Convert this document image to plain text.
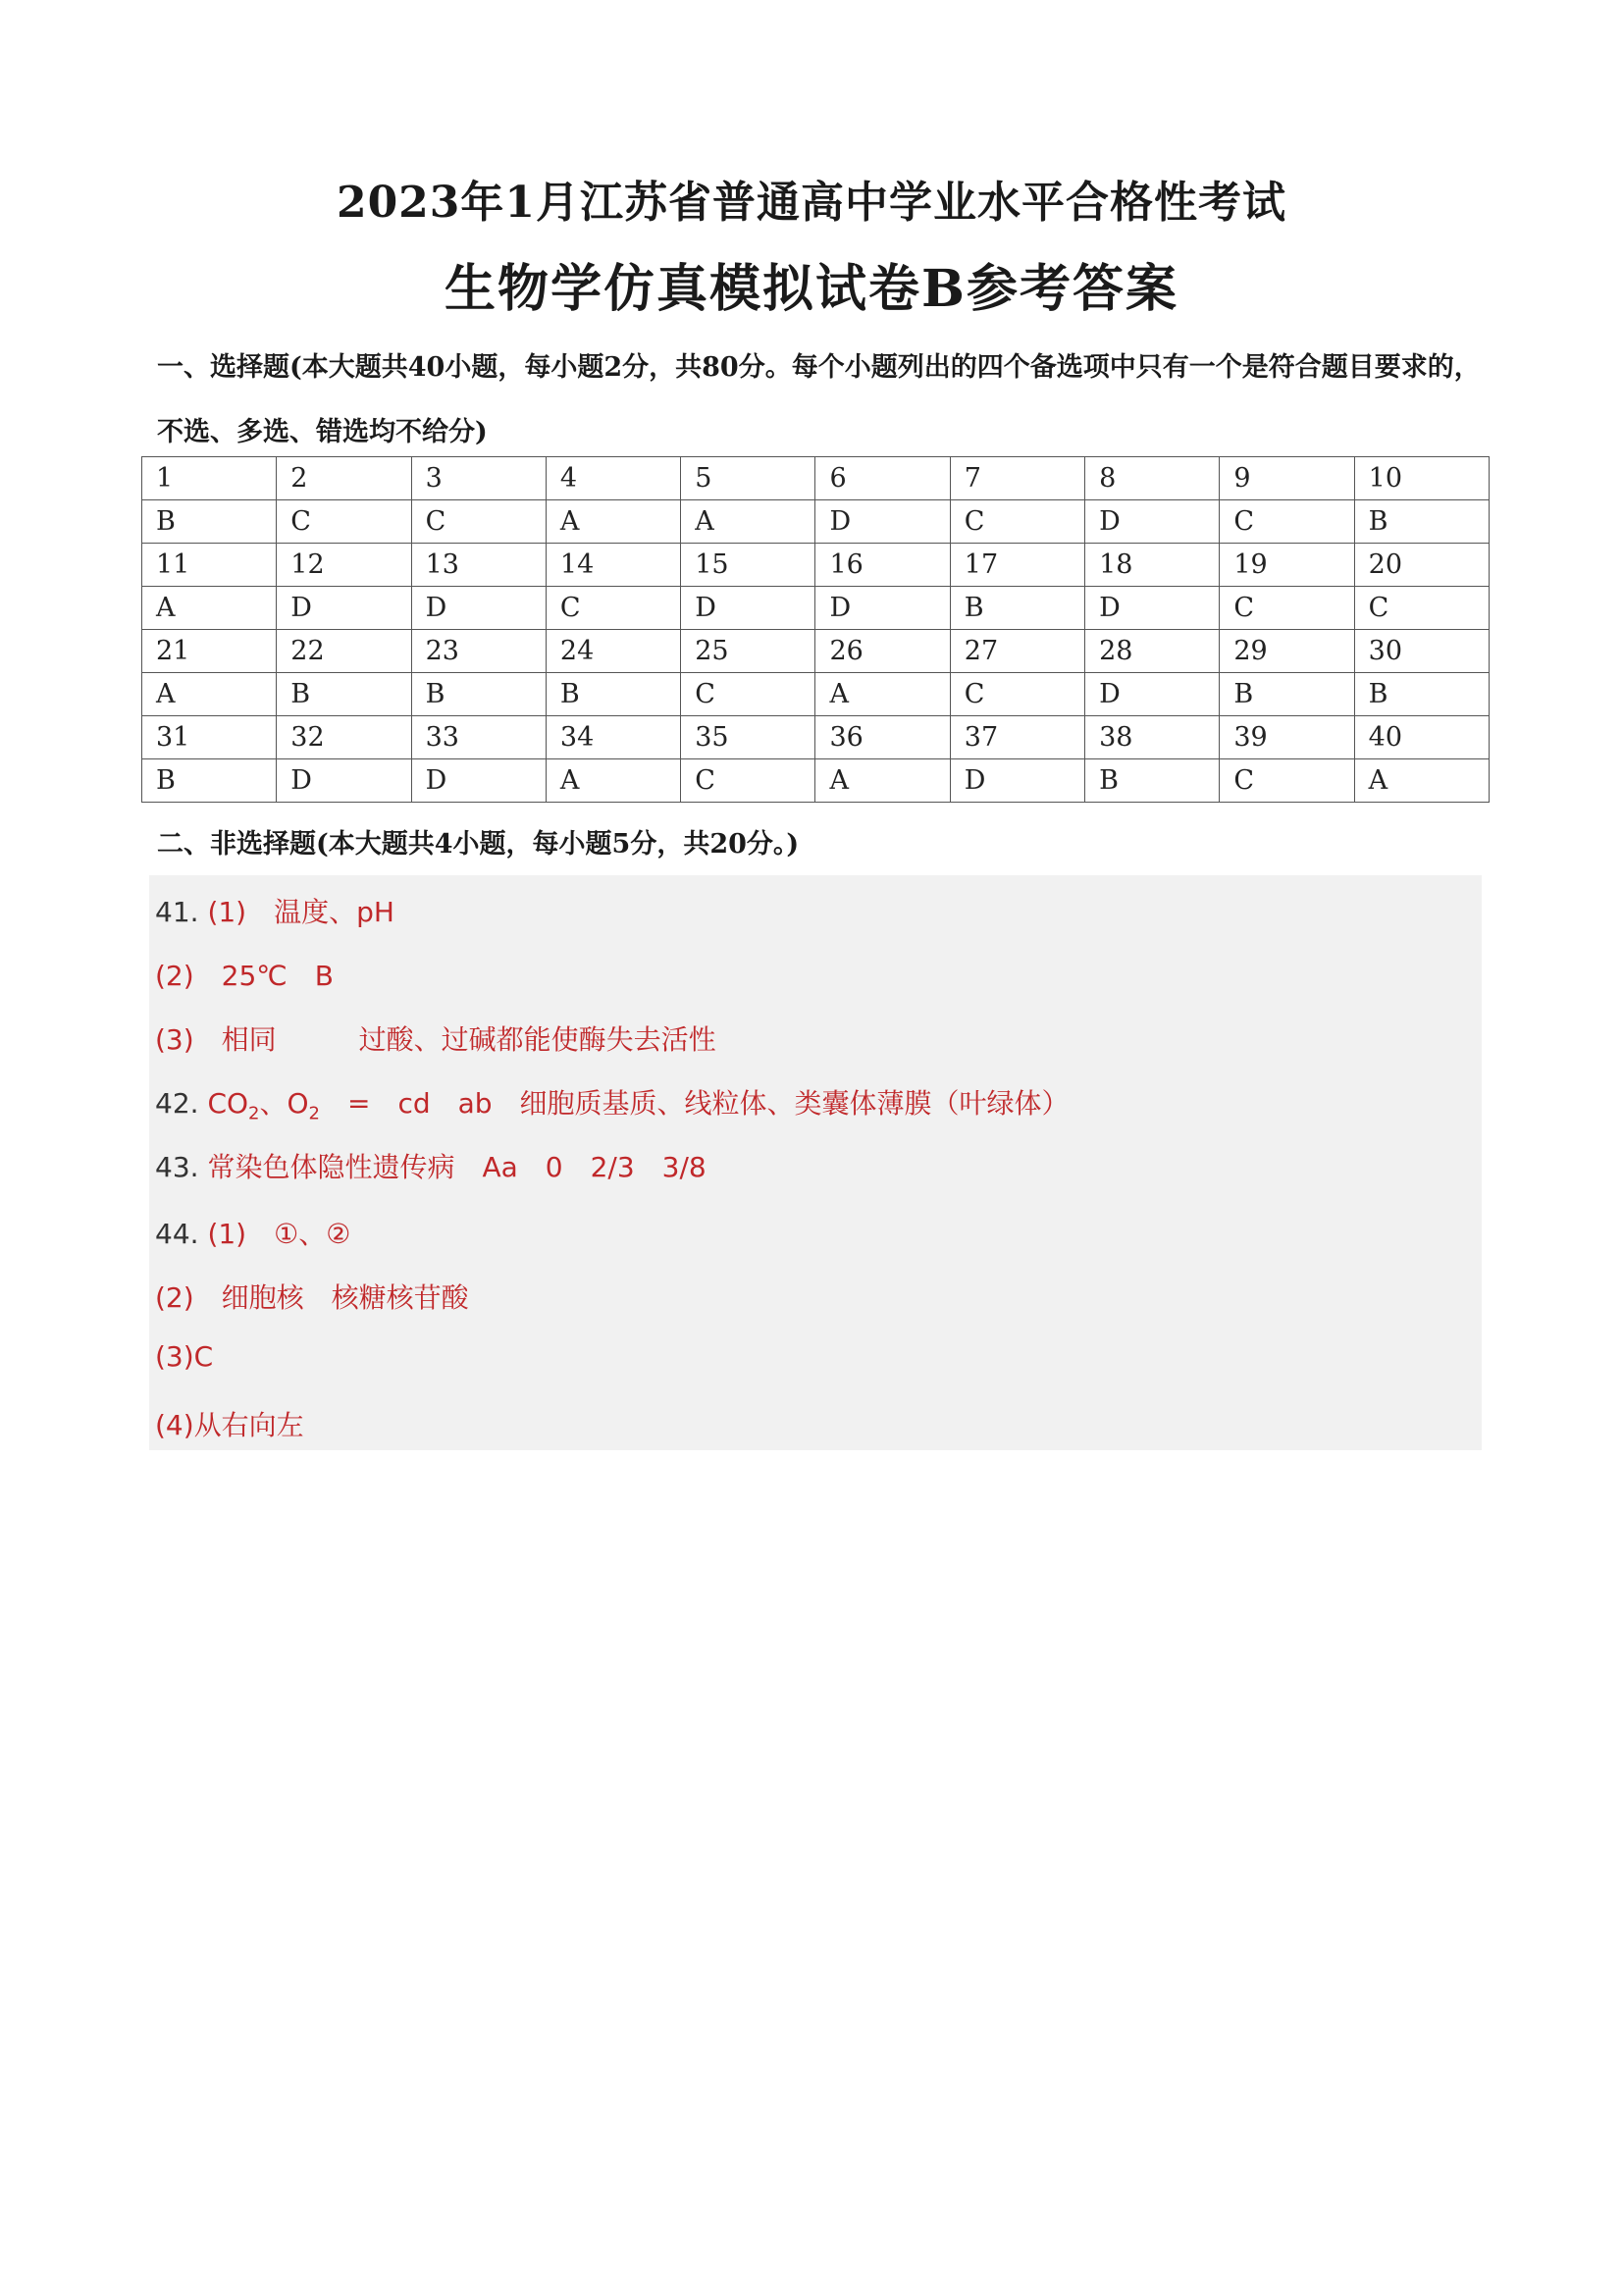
2023年1月江苏省普通高中学业水平合格性考试
生物学仿真模拟试卷B参考答案
一、选择题(本大题共40小题，每小题2分，共80分。每个小题列出的四个备选项中只有一个是符合题目要求的，不选、多选、错选均不给分)
1	2	3	4	5	6	7	8	9	10
B	C	C	A	A	D	C	D	C	B
11	12	13	14	15	16	17	18	19	20
A	D	D	C	D	D	B	D	C	C
21	22	23	24	25	26	27	28	29	30
A	B	B	B	C	A	C	D	B	B
31	32	33	34	35	36	37	38	39	40
B	D	D	A	C	A	D	B	C	A
二、非选择题(本大题共4小题，每小题5分，共20分。)
41. (1)　温度、pH
(2)　25℃　B
(3)　相同　　　过酸、过碱都能使酶失去活性
42. $CO_2$、$O_2$　=　cd　ab　细胞质基质、线粒体、类囊体薄膜（叶绿体）
43. 常染色体隐性遗传病　Aa　0　2/3　3/8
44. (1)　①、②
(2)　细胞核　核糖核苷酸
(3)C
(4)从右向左
